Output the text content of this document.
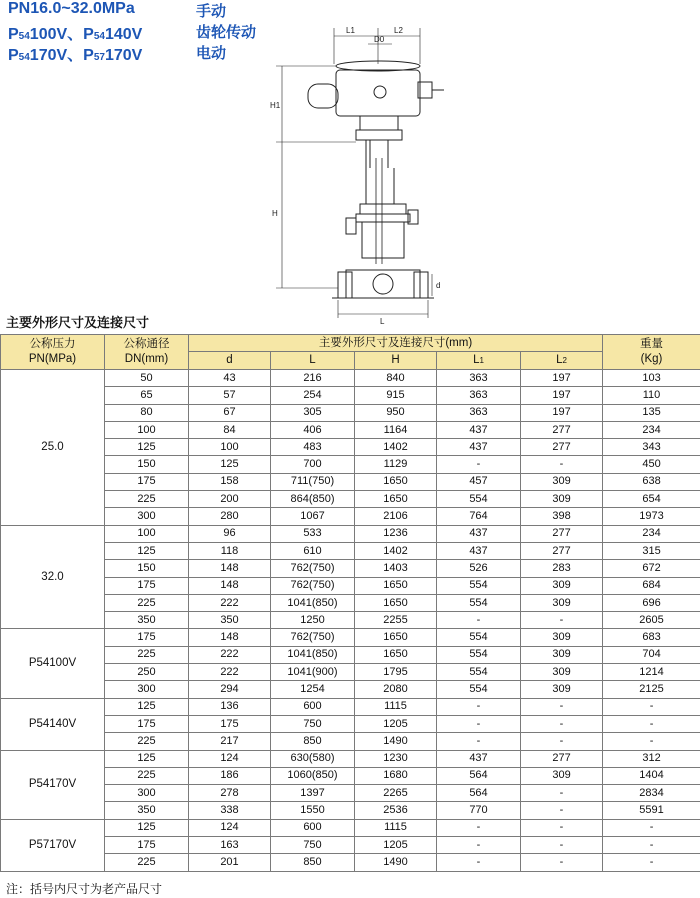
PN16.0~32.0MPa	手动
P54100V、P54140V	齿轮传动
P54170V、P57170V	电动
L1	L2
D0
H1
H
L
d
主要外形尺寸及连接尺寸
公称压力
PN(MPa)	公称通径
DN(mm)	主要外形尺寸及连接尺寸(mm)					重量
(Kg)
		d	L	H	L1	L2	
25.0	50	43	216	840	363	197	103
	65	57	254	915	363	197	110
	80	67	305	950	363	197	135
	100	84	406	1164	437	277	234
	125	100	483	1402	437	277	343
	150	125	700	1129	-	-	450
	175	158	711(750)	1650	457	309	638
	225	200	864(850)	1650	554	309	654
	300	280	1067	2106	764	398	1973
32.0	100	96	533	1236	437	277	234
	125	118	610	1402	437	277	315
	150	148	762(750)	1403	526	283	672
	175	148	762(750)	1650	554	309	684
	225	222	1041(850)	1650	554	309	696
	350	350	1250	2255	-	-	2605
P54100V	175	148	762(750)	1650	554	309	683
	225	222	1041(850)	1650	554	309	704
	250	222	1041(900)	1795	554	309	1214
	300	294	1254	2080	554	309	2125
P54140V	125	136	600	1115	-	-	-
	175	175	750	1205	-	-	-
	225	217	850	1490	-	-	-
P54170V	125	124	630(580)	1230	437	277	312
	225	186	1060(850)	1680	564	309	1404
	300	278	1397	2265	564	-	2834
	350	338	1550	2536	770	-	5591
P57170V	125	124	600	1115	-	-	-
	175	163	750	1205	-	-	-
	225	201	850	1490	-	-	-
注：括号内尺寸为老产品尺寸
